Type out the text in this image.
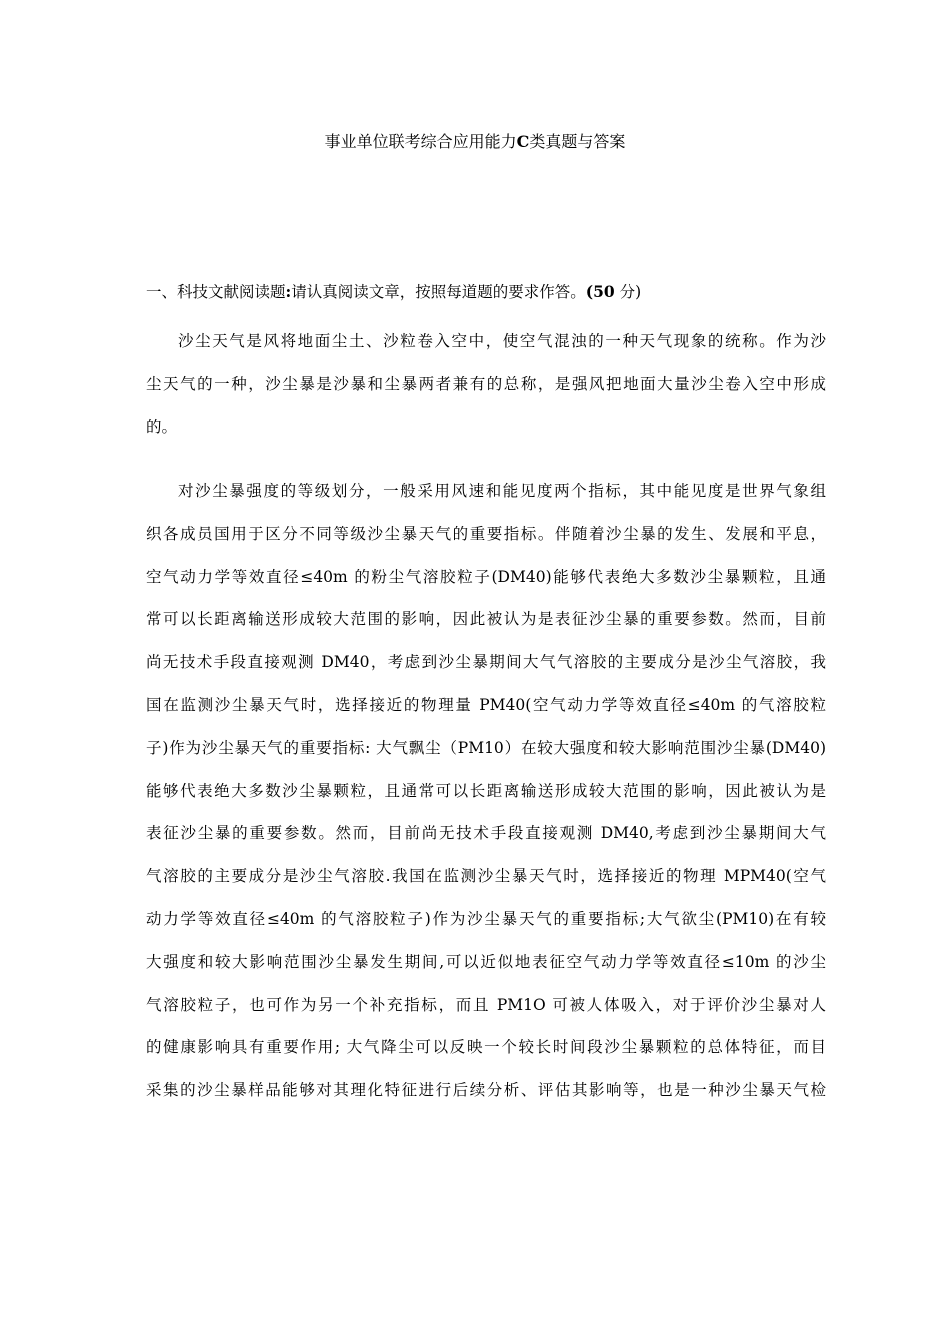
事业单位联考综合应用能力C类真题与答案
一、科技文献阅读题:请认真阅读文章，按照每道题的要求作答。(50 分)
沙尘天气是风将地面尘土、沙粒卷入空中，使空气混浊的一种天气现象的统称。作为沙
尘天气的一种，沙尘暴是沙暴和尘暴两者兼有的总称，是强风把地面大量沙尘卷入空中形成
的。
对沙尘暴强度的等级划分，一般采用风速和能见度两个指标，其中能见度是世界气象组
织各成员国用于区分不同等级沙尘暴天气的重要指标。伴随着沙尘暴的发生、发展和平息，
空气动力学等效直径≤40m 的粉尘气溶胶粒子(DM40)能够代表绝大多数沙尘暴颗粒，且通
常可以长距离输送形成较大范围的影响，因此被认为是表征沙尘暴的重要参数。然而，目前
尚无技术手段直接观测 DM40，考虑到沙尘暴期间大气气溶胶的主要成分是沙尘气溶胶，我
国在监测沙尘暴天气时，选择接近的物理量 PM40(空气动力学等效直径≤40m 的气溶胶粒
子)作为沙尘暴天气的重要指标: 大气飘尘（PM10）在较大强度和较大影响范围沙尘暴(DM40)
能够代表绝大多数沙尘暴颗粒，且通常可以长距离输送形成较大范围的影响，因此被认为是
表征沙尘暴的重要参数。然而，目前尚无技术手段直接观测 DM40,考虑到沙尘暴期间大气
气溶胶的主要成分是沙尘气溶胶.我国在监测沙尘暴天气时，选择接近的物理 MPM40(空气
动力学等效直径≤40m 的气溶胶粒子)作为沙尘暴天气的重要指标;大气欲尘(PM10)在有较
大强度和较大影响范围沙尘暴发生期间,可以近似地表征空气动力学等效直径≤10m 的沙尘
气溶胶粒子，也可作为另一个补充指标，而且 PM1O 可被人体吸入，对于评价沙尘暴对人
的健康影响具有重要作用; 大气降尘可以反映一个较长时间段沙尘暴颗粒的总体特征，而目
采集的沙尘暴样品能够对其理化特征进行后续分析、评估其影响等，也是一种沙尘暴天气检
